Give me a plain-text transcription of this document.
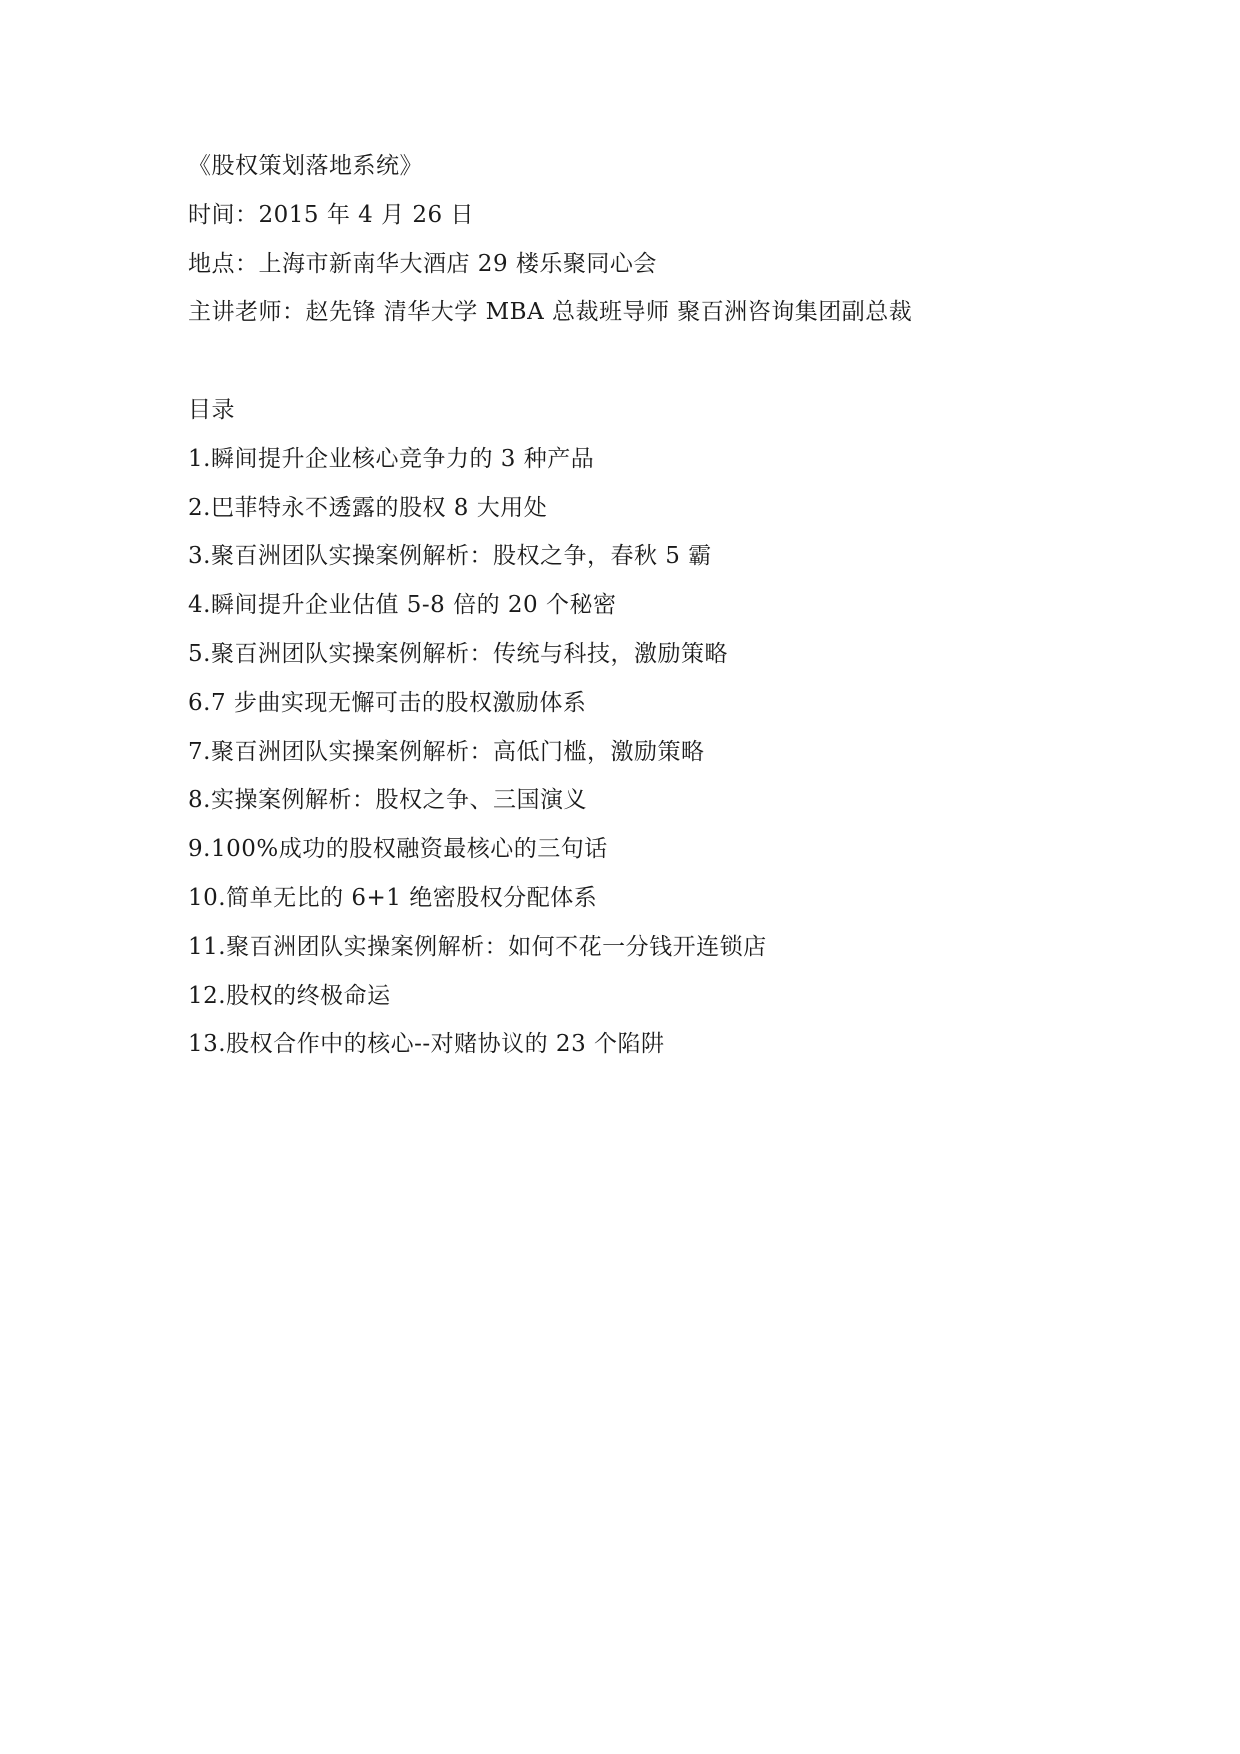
《股权策划落地系统》
时间：2015 年 4 月 26 日
地点：上海市新南华大酒店 29 楼乐聚同心会
主讲老师：赵先锋 清华大学 MBA 总裁班导师 聚百洲咨询集团副总裁
目录
1.瞬间提升企业核心竞争力的 3 种产品
2.巴菲特永不透露的股权 8 大用处
3.聚百洲团队实操案例解析：股权之争，春秋 5 霸
4.瞬间提升企业估值 5-8 倍的 20 个秘密
5.聚百洲团队实操案例解析：传统与科技，激励策略
6.7 步曲实现无懈可击的股权激励体系
7.聚百洲团队实操案例解析：高低门槛，激励策略
8.实操案例解析：股权之争、三国演义
9.100%成功的股权融资最核心的三句话
10.简单无比的 6+1 绝密股权分配体系
11.聚百洲团队实操案例解析：如何不花一分钱开连锁店
12.股权的终极命运
13.股权合作中的核心--对赌协议的 23 个陷阱
